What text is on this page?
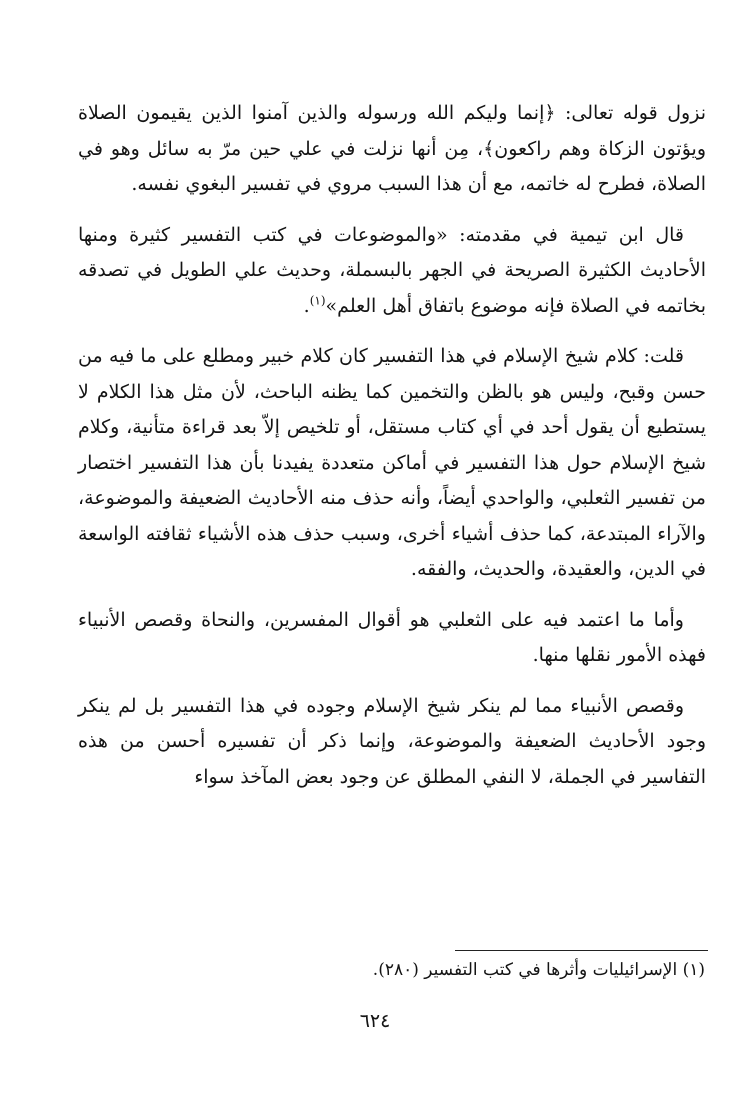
نزول قوله تعالى: ﴿إنما وليكم الله ورسوله والذين آمنوا الذين يقيمون الصلاة ويؤتون الزكاة وهم راكعون﴾، مِن أنها نزلت في علي حين مرّ به سائل وهو في الصلاة، فطرح له خاتمه، مع أن هذا السبب مروي في تفسير البغوي نفسه.

قال ابن تيمية في مقدمته: «والموضوعات في كتب التفسير كثيرة ومنها الأحاديث الكثيرة الصريحة في الجهر بالبسملة، وحديث علي الطويل في تصدقه بخاتمه في الصلاة فإنه موضوع باتفاق أهل العلم»$^{(١)}$.

قلت: كلام شيخ الإسلام في هذا التفسير كان كلام خبير ومطلع على ما فيه من حسن وقبح، وليس هو بالظن والتخمين كما يظنه الباحث، لأن مثل هذا الكلام لا يستطيع أن يقول أحد في أي كتاب مستقل، أو تلخيص إلاّ بعد قراءة متأنية، وكلام شيخ الإسلام حول هذا التفسير في أماكن متعددة يفيدنا بأن هذا التفسير اختصار من تفسير الثعلبي، والواحدي أيضاً، وأنه حذف منه الأحاديث الضعيفة والموضوعة، والآراء المبتدعة، كما حذف أشياء أخرى، وسبب حذف هذه الأشياء ثقافته الواسعة في الدين، والعقيدة، والحديث، والفقه.

وأما ما اعتمد فيه على الثعلبي هو أقوال المفسرين، والنحاة وقصص الأنبياء فهذه الأمور نقلها منها.

وقصص الأنبياء مما لم ينكر شيخ الإسلام وجوده في هذا التفسير بل لم ينكر وجود الأحاديث الضعيفة والموضوعة، وإنما ذكر أن تفسيره أحسن من هذه التفاسير في الجملة، لا النفي المطلق عن وجود بعض المآخذ سواء

(١) الإسرائيليات وأثرها في كتب التفسير (٢٨٠).
٦٢٤
